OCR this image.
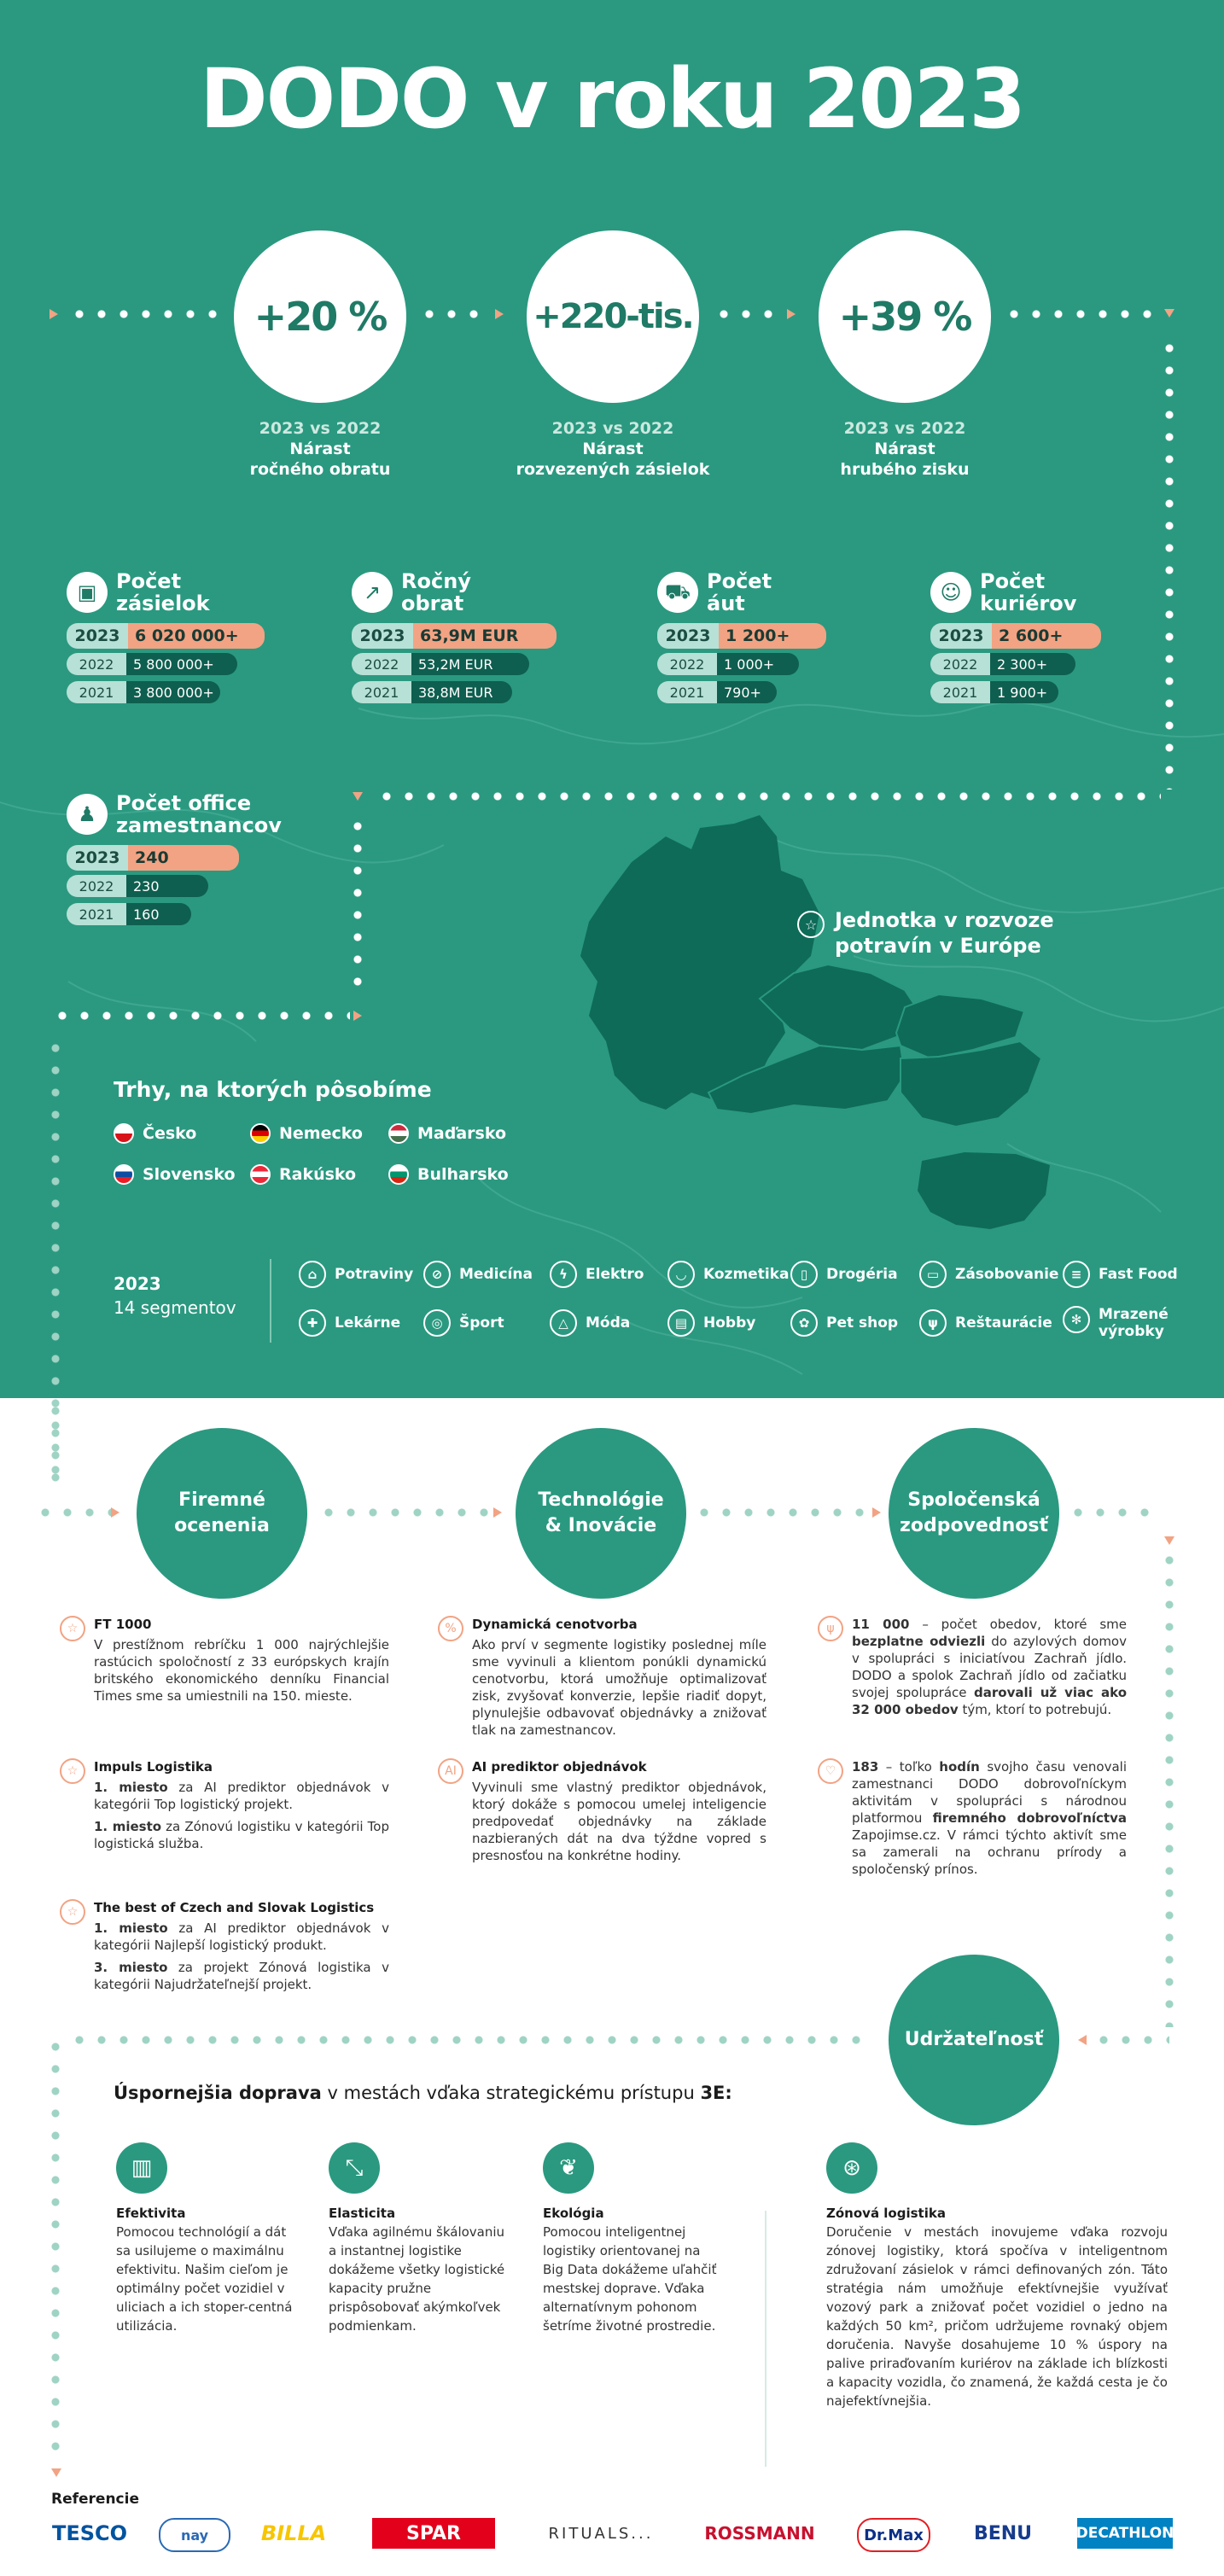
DODO v roku 2023
+20 %	+220-tis.	+39 %
2023 vs 2022
Nárast
ročného obratu
2023 vs 2022
Nárast
rozvezených zásielok
2023 vs 2022
Nárast
hrubého zisku
▣ Počet
zásielok
2023 6 020 000+
2022	5 800 000+
2021	3 800 000+
↗ Ročný
obrat
2023 63,9M EUR
2022	53,2M EUR
2021	38,8M EUR
⛟ Počet
áut
2023 1 200+
2022	1 000+
2021	790+
☺ Počet
kuriérov
2023 2 600+
2022	2 300+
2021	1 900+
♟ Počet office
zamestnancov
2023 240
2022	230
2021	160
☆ Jednotka v rozvoze
potravín v Európe
Trhy, na ktorých pôsobíme
Česko	Nemecko	Maďarsko
Slovensko	Rakúsko	Bulharsko
2023
14 segmentov
⌂	Potraviny	⊘	Medicína	ϟ	Elektro	◡	Kozmetika ▯	Drogéria	▭	Zásobovanie ≡	Fast Food
✚	Lekárne	◎	Šport	△	Móda	▤	Hobby	✿	Pet shop	ψ	Reštaurácie	✻	Mrazené výrobky
Firemné
ocenenia
Technológie
& Inovácie
Spoločenská
zodpovednosť
Udržateľnosť
☆	FT 1000

V prestížnom rebríčku 1 000 najrýchlejšie rastúcich spoločností z 33 európskych krajín britského ekonomického denníku Financial Times sme sa umiestnili na 150. mieste.

☆	Impuls Logistika

1. miesto za AI prediktor objednávok v kategórii Top logistický projekt.

1. miesto za Zónovú logistiku v kategórii Top logistická služba.

☆	The best of Czech and Slovak Logistics

1. miesto za AI prediktor objednávok v kategórii Najlepší logistický produkt.

3. miesto za projekt Zónová logistika v kategórii Najudržateľnejší projekt.

%	Dynamická cenotvorba

Ako prví v segmente logistiky poslednej míle sme vyvinuli a klientom ponúkli dynamickú cenotvorbu, ktorá umožňuje optimalizovať zisk, zvyšovať konverzie, lepšie riadiť dopyt, plynulejšie odbavovať objednávky a znižovať tlak na zamestnancov.

AI	AI prediktor objednávok

Vyvinuli sme vlastný prediktor objednávok, ktorý dokáže s pomocou umelej inteligencie predpovedať objednávky na základe nazbieraných dát na dva týždne vopred s presnosťou na konkrétne hodiny.

ψ	11 000 – počet obedov, ktoré sme bezplatne odviezli do azylových domov v spolupráci s iniciatívou Zachraň jídlo. DODO a spolok Zachraň jídlo od začiatku svojej spolupráce darovali už viac ako 32 000 obedov tým, ktorí to potrebujú.

♡	183 – toľko hodín svojho času venovali zamestnanci DODO dobrovoľníckym aktivitám v spolupráci s národnou platformou firemného dobrovoľníctva Zapojimse.cz. V rámci týchto aktivít sme sa zamerali na ochranu prírody a spoločenský prínos.

Úspornejšia doprava v mestách vďaka strategickému prístupu 3E:
▥
Efektivita
Pomocou technológií a dát sa usilujeme o maximálnu efektivitu. Našim cieľom je optimálny počet vozidiel v uliciach a ich stoper-centná utilizácia.
⤡
Elasticita
Vďaka agilnému škálovaniu a instantnej logistike dokážeme všetky logistické kapacity pružne prispôsobovať akýmkoľvek podmienkam.
❦
Ekológia
Pomocou inteligentnej logistiky orientovanej na Big Data dokážeme uľahčiť mestskej doprave. Vďaka alternatívnym pohonom šetríme životné prostredie.
⊛
Zónová logistika
Doručenie v mestách inovujeme vďaka rozvoju zónovej logistiky, ktorá spočíva v inteligentnom združovaní zásielok v rámci definovaných zón. Táto stratégia nám umožňuje efektívnejšie využívať vozový park a znižovať počet vozidiel o jedno na každých 50 km², pričom udržujeme rovnaký objem doručenia. Navyše dosahujeme 10 % úspory na palive priraďovaním kuriérov na základe ich blízkosti a kapacity vozidla, čo znamená, že každá cesta je čo najefektívnejšia.
Referencie
TESCO	nay	BILLA	SPAR	RITUALS...	ROSSMANN	Dr.Max	BENU	DECATHLON
